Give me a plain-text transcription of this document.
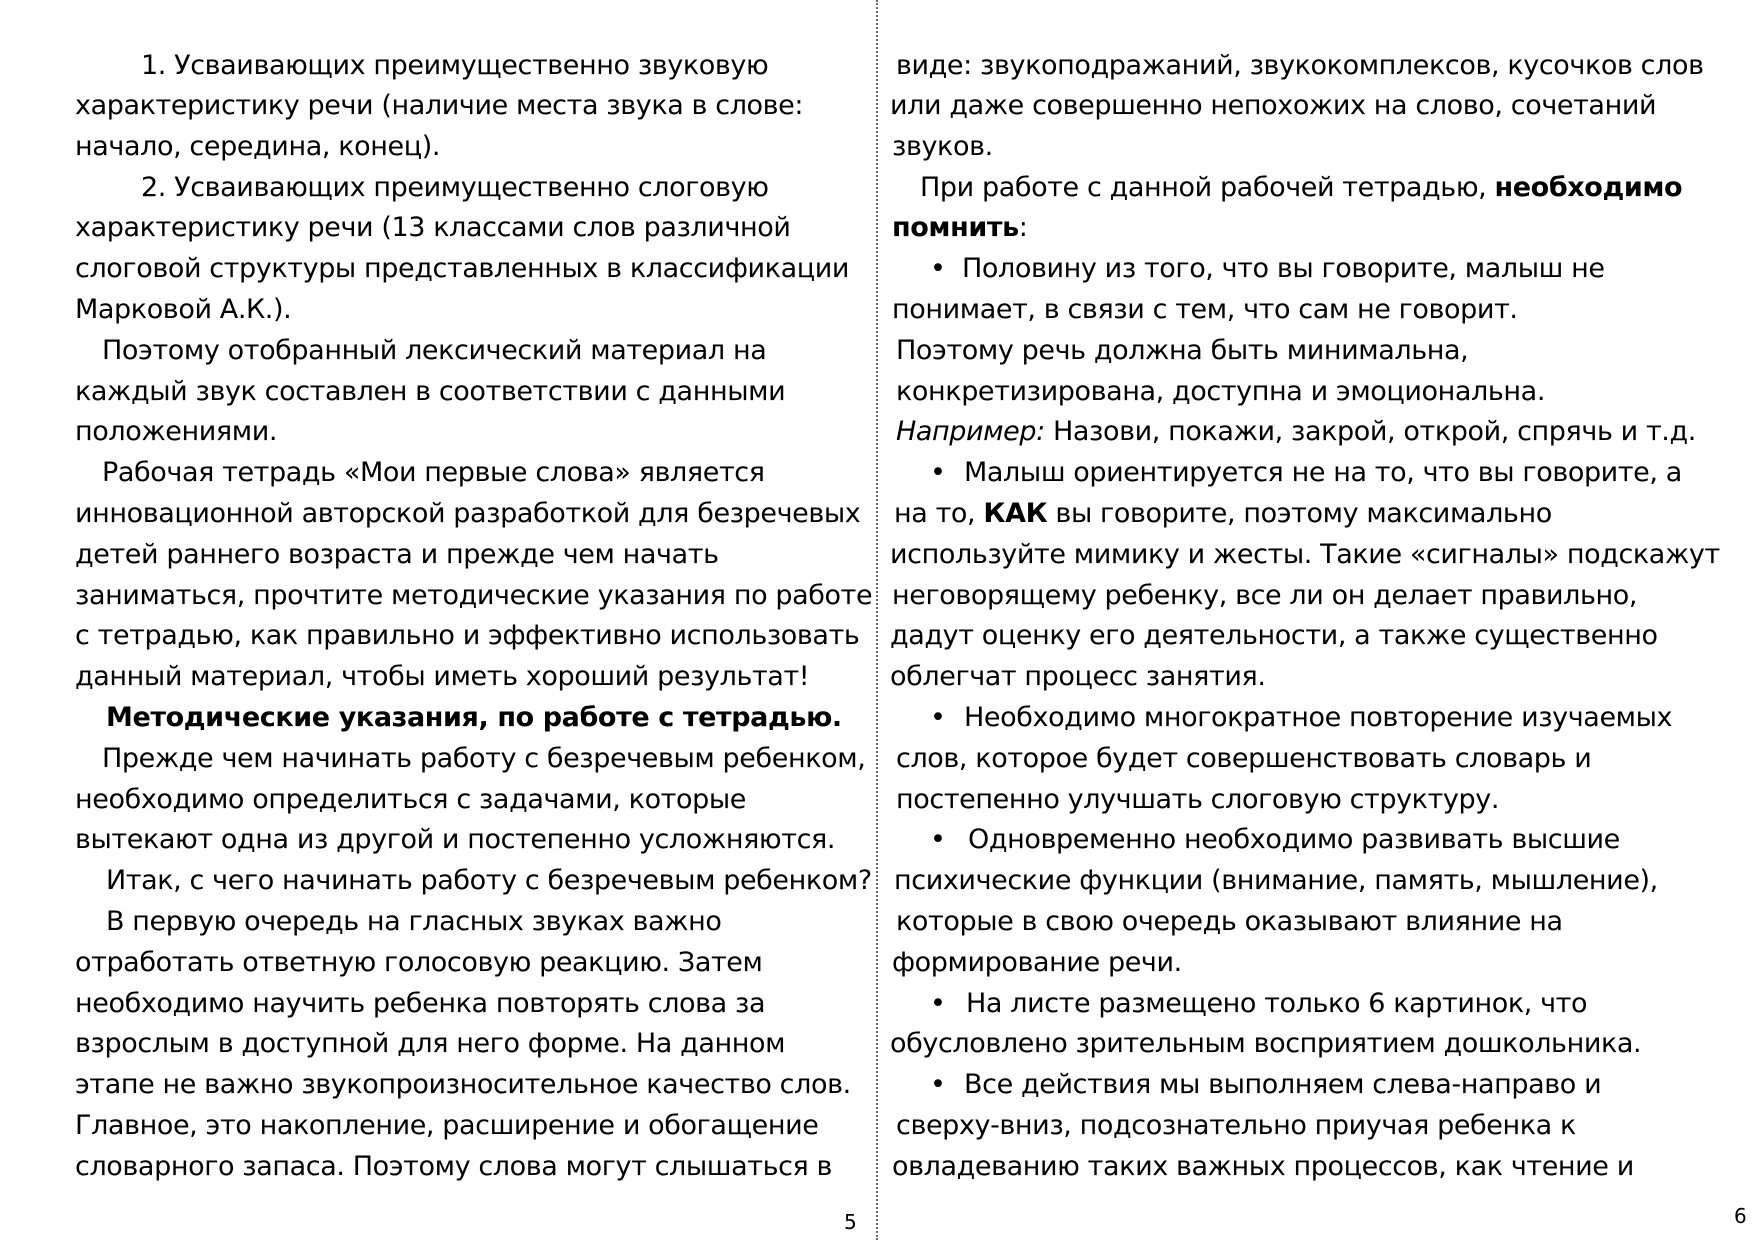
1. Усваивающих преимущественно звуковую
характеристику речи (наличие места звука в слове:
начало, середина, конец).
2. Усваивающих преимущественно слоговую
характеристику речи (13 классами слов различной
слоговой структуры представленных в классификации
Марковой А.К.).
Поэтому отобранный лексический материал на
каждый звук составлен в соответствии с данными
положениями.
Рабочая тетрадь «Мои первые слова» является
инновационной авторской разработкой для безречевых
детей раннего возраста и прежде чем начать
заниматься, прочтите методические указания по работе
с тетрадью, как правильно и эффективно использовать
данный материал, чтобы иметь хороший результат!
Методические указания, по работе с тетрадью.
Прежде чем начинать работу с безречевым ребенком,
необходимо определиться с задачами, которые
вытекают одна из другой и постепенно усложняются.
Итак, с чего начинать работу с безречевым ребенком?
В первую очередь на гласных звуках важно
отработать ответную голосовую реакцию. Затем
необходимо научить ребенка повторять слова за
взрослым в доступной для него форме. На данном
этапе не важно звукопроизносительное качество слов.
Главное, это накопление, расширение и обогащение
словарного запаса. Поэтому слова могут слышаться в
5
виде: звукоподражаний, звукокомплексов, кусочков слов
или даже совершенно непохожих на слово, сочетаний
звуков.
При работе с данной рабочей тетрадью, необходимо
помнить:
• Половину из того, что вы говорите, малыш не
понимает, в связи с тем, что сам не говорит.
Поэтому речь должна быть минимальна,
конкретизирована, доступна и эмоциональна.
Например: Назови, покажи, закрой, открой, спрячь и т.д.
• Малыш ориентируется не на то, что вы говорите, а
на то, КАК вы говорите, поэтому максимально
используйте мимику и жесты. Такие «сигналы» подскажут
неговорящему ребенку, все ли он делает правильно,
дадут оценку его деятельности, а также существенно
облегчат процесс занятия.
• Необходимо многократное повторение изучаемых
слов, которое будет совершенствовать словарь и
постепенно улучшать слоговую структуру.
• Одновременно необходимо развивать высшие
психические функции (внимание, память, мышление),
которые в свою очередь оказывают влияние на
формирование речи.
• На листе размещено только 6 картинок, что
обусловлено зрительным восприятием дошкольника.
• Все действия мы выполняем слева-направо и
сверху-вниз, подсознательно приучая ребенка к
овладеванию таких важных процессов, как чтение и
6
